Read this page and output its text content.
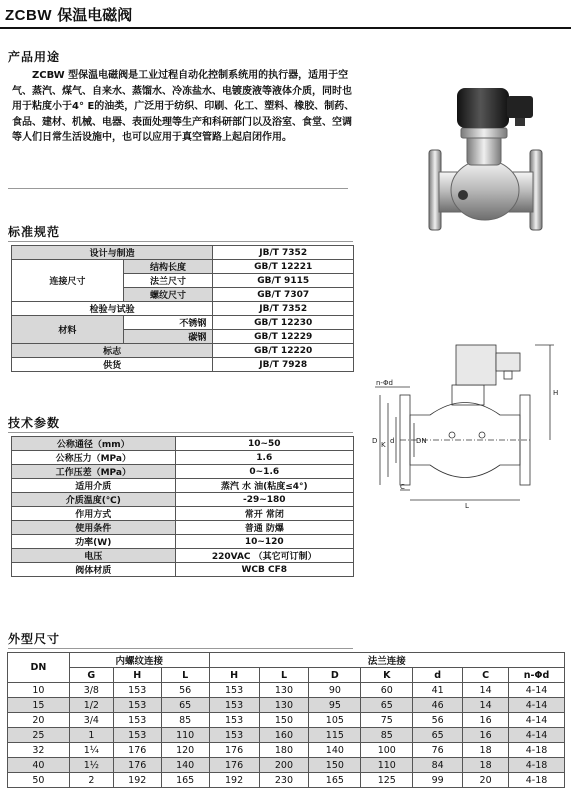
ZCBW 保温电磁阀
产品用途

ZCBW 型保温电磁阀是工业过程自动化控制系统用的执行器，适用于空气、蒸汽、煤气、自来水、蒸馏水、冷冻盐水、电镀废液等液体介质，同时也用于粘度小于4° E的油类，广泛用于纺织、印刷、化工、塑料、橡胶、制药、食品、建材、机械、电器、表面处理等生产和科研部门以及浴室、食堂、空调等人们日常生活设施中，也可以应用于真空管路上起启闭作用。

标准规范
设计与制造		JB/T 7352
连接尺寸	结构长度	GB/T 12221
	法兰尺寸	GB/T 9115
	螺纹尺寸	GB/T 7307
检验与试验		JB/T 7352
材料	不锈钢	GB/T 12230
	碳钢	GB/T 12229
标志		GB/T 12220
供货		JB/T 7928
n-Φd
H
D K d	DN
C
L
技术参数
公称通径（mm）	10~50
公称压力（MPa）	1.6
工作压差（MPa）	0~1.6
适用介质	蒸汽 水 油(粘度≤4°)
介质温度(℃)	-29~180
作用方式	常开 常闭
使用条件	普通 防爆
功率(W)	10~120
电压	220VAC （其它可订制）
阀体材质	WCB CF8
外型尺寸
DN	内螺纹连接			法兰连接						
	G	H	L	H	L	D	K	d	C	n-Φd
10	3/8	153	56	153	130	90	60	41	14	4-14
15	1/2	153	65	153	130	95	65	46	14	4-14
20	3/4	153	85	153	150	105	75	56	16	4-14
25	1	153	110	153	160	115	85	65	16	4-14
32	1¼	176	120	176	180	140	100	76	18	4-18
40	1½	176	140	176	200	150	110	84	18	4-18
50	2	192	165	192	230	165	125	99	20	4-18
